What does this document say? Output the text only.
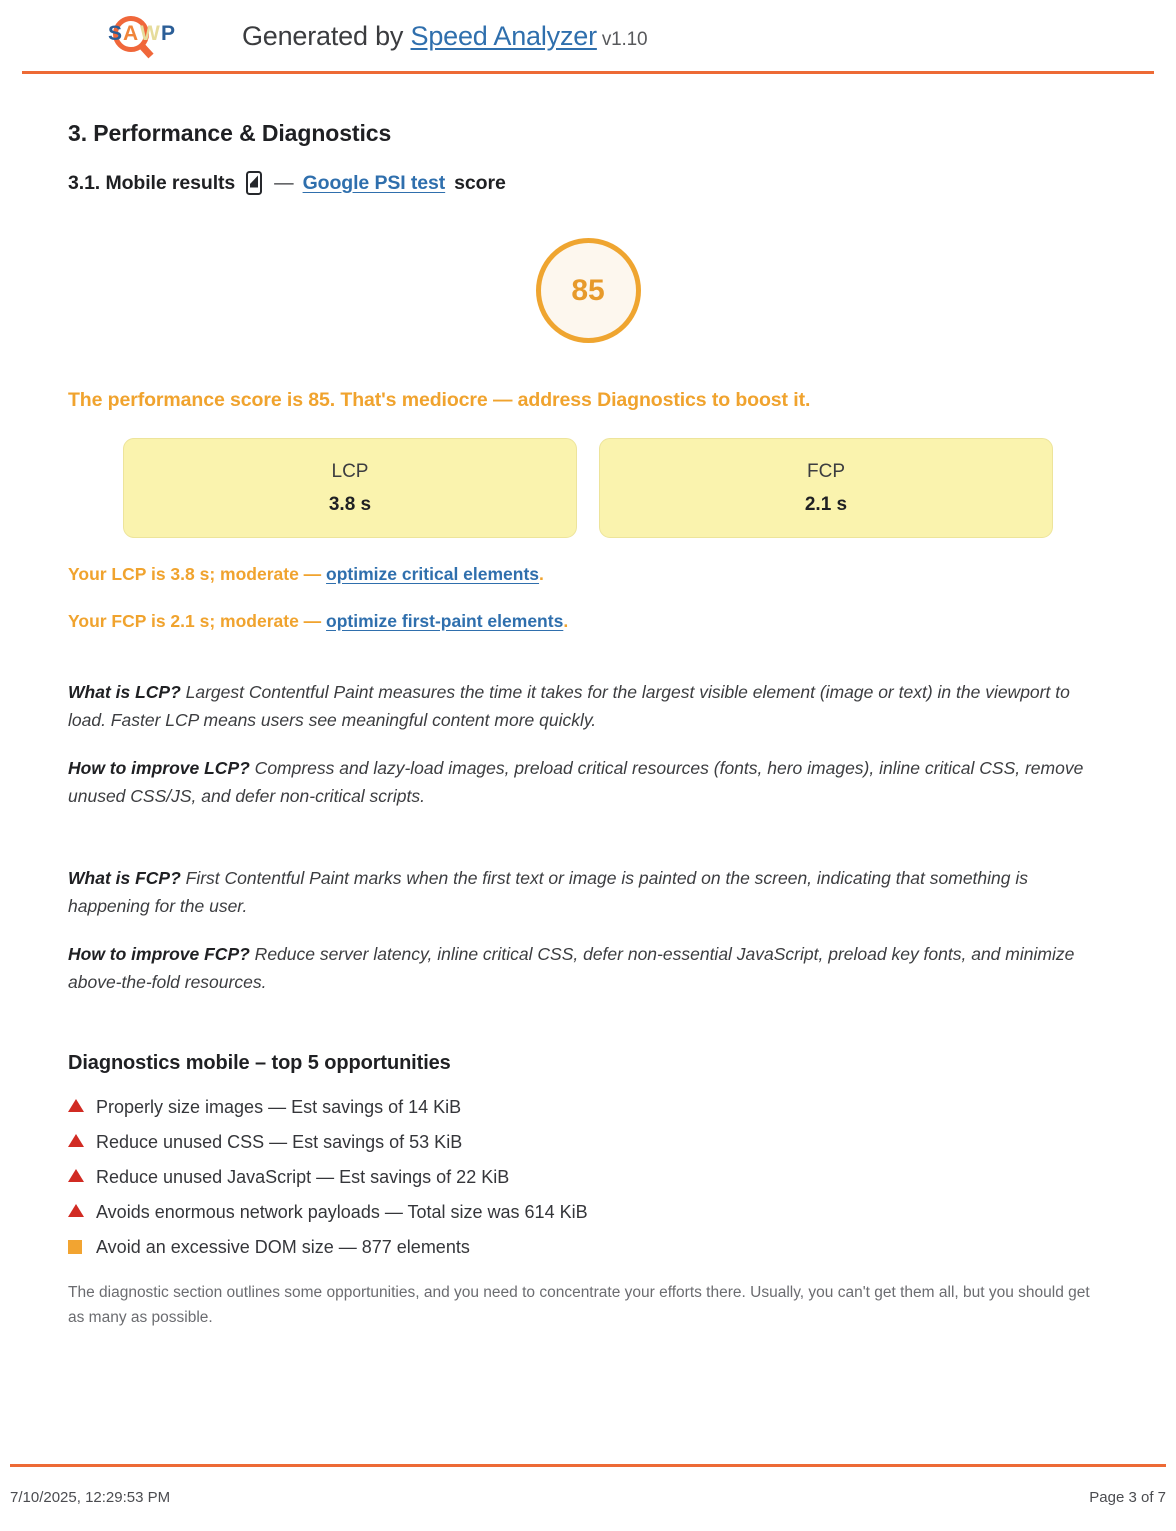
S A W P Generated by Speed Analyzer v1.10
3. Performance & Diagnostics
3.1. Mobile results — Google PSI test score
85
The performance score is 85. That's mediocre — address Diagnostics to boost it.
LCP
3.8 s
FCP
2.1 s
Your LCP is 3.8 s; moderate — optimize critical elements.
Your FCP is 2.1 s; moderate — optimize first-paint elements.

What is LCP? Largest Contentful Paint measures the time it takes for the largest visible element (image or text) in the viewport to load. Faster LCP means users see meaningful content more quickly.

How to improve LCP? Compress and lazy-load images, preload critical resources (fonts, hero images), inline critical CSS, remove unused CSS/JS, and defer non-critical scripts.

What is FCP? First Contentful Paint marks when the first text or image is painted on the screen, indicating that something is happening for the user.

How to improve FCP? Reduce server latency, inline critical CSS, defer non-essential JavaScript, preload key fonts, and minimize above-the-fold resources.

Diagnostics mobile – top 5 opportunities
Properly size images — Est savings of 14 KiB
Reduce unused CSS — Est savings of 53 KiB
Reduce unused JavaScript — Est savings of 22 KiB
Avoids enormous network payloads — Total size was 614 KiB
Avoid an excessive DOM size — 877 elements

The diagnostic section outlines some opportunities, and you need to concentrate your efforts there. Usually, you can't get them all, but you should get as many as possible.

7/10/2025, 12:29:53 PM	Page 3 of 7
